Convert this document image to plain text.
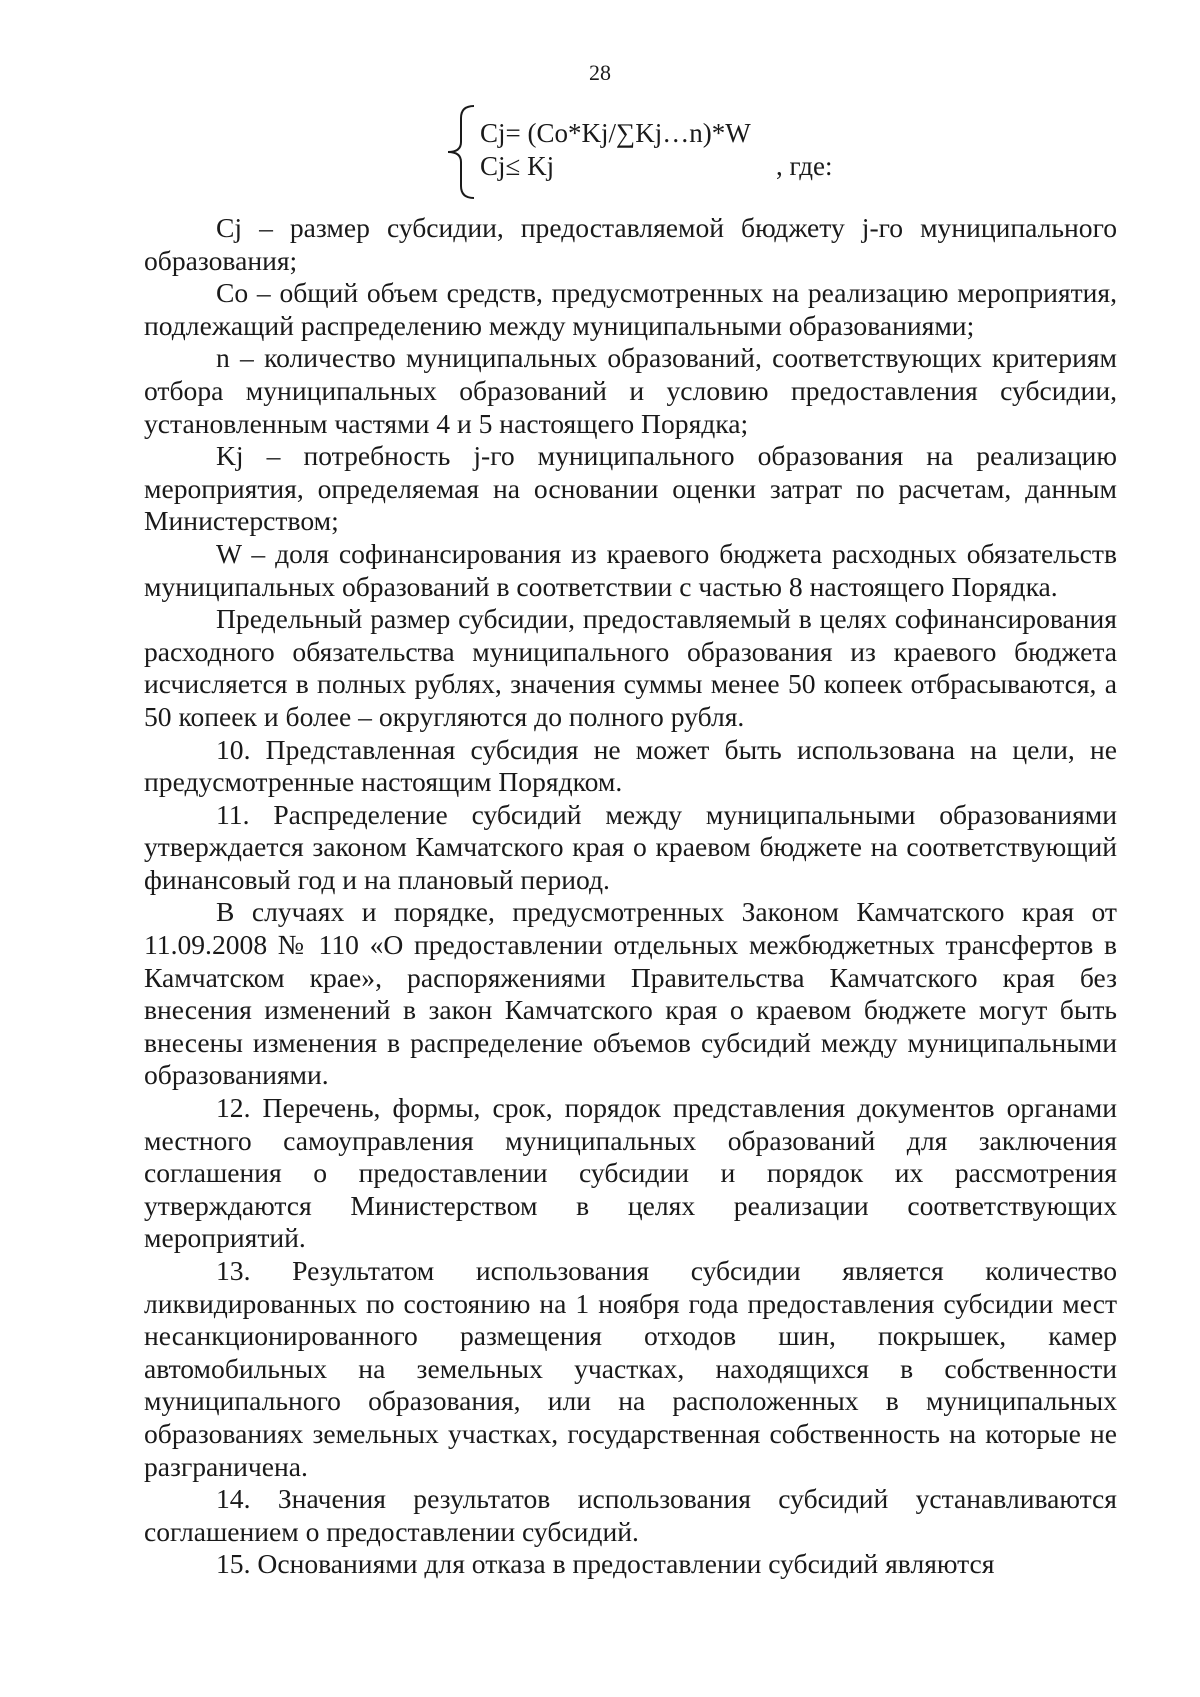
28
Cj= (Co*Kj/∑Kj…n)*W
Cj≤ Kj	, где:

Cj – размер субсидии, предоставляемой бюджету j-го муниципального образования;

Co – общий объем средств, предусмотренных на реализацию мероприятия, подлежащий распределению между муниципальными образованиями;

n – количество муниципальных образований, соответствующих критериям отбора муниципальных образований и условию предоставления субсидии, установленным частями 4 и 5 настоящего Порядка;

Kj – потребность j-го муниципального образования на реализацию мероприятия, определяемая на основании оценки затрат по расчетам, данным Министерством;

W – доля софинансирования из краевого бюджета расходных обязательств муниципальных образований в соответствии с частью 8 настоящего Порядка.

Предельный размер субсидии, предоставляемый в целях софинансирования расходного обязательства муниципального образования из краевого бюджета исчисляется в полных рублях, значения суммы менее 50 копеек отбрасываются, а 50 копеек и более – округляются до полного рубля.

10. Представленная субсидия не может быть использована на цели, не предусмотренные настоящим Порядком.

11. Распределение субсидий между муниципальными образованиями утверждается законом Камчатского края о краевом бюджете на соответствующий финансовый год и на плановый период.

В случаях и порядке, предусмотренных Законом Камчатского края от 11.09.2008 № 110 «О предоставлении отдельных межбюджетных трансфертов в Камчатском крае», распоряжениями Правительства Камчатского края без внесения изменений в закон Камчатского края о краевом бюджете могут быть внесены изменения в распределение объемов субсидий между муниципальными образованиями.

12. Перечень, формы, срок, порядок представления документов органами местного самоуправления муниципальных образований для заключения соглашения о предоставлении субсидии и порядок их рассмотрения утверждаются Министерством в целях реализации соответствующих мероприятий.

13. Результатом использования субсидии является количество ликвидированных по состоянию на 1 ноября года предоставления субсидии мест несанкционированного размещения отходов шин, покрышек, камер автомобильных на земельных участках, находящихся в собственности муниципального образования, или на расположенных в муниципальных образованиях земельных участках, государственная собственность на которые не разграничена.

14. Значения результатов использования субсидий устанавливаются соглашением о предоставлении субсидий.

15. Основаниями для отказа в предоставлении субсидий являются
